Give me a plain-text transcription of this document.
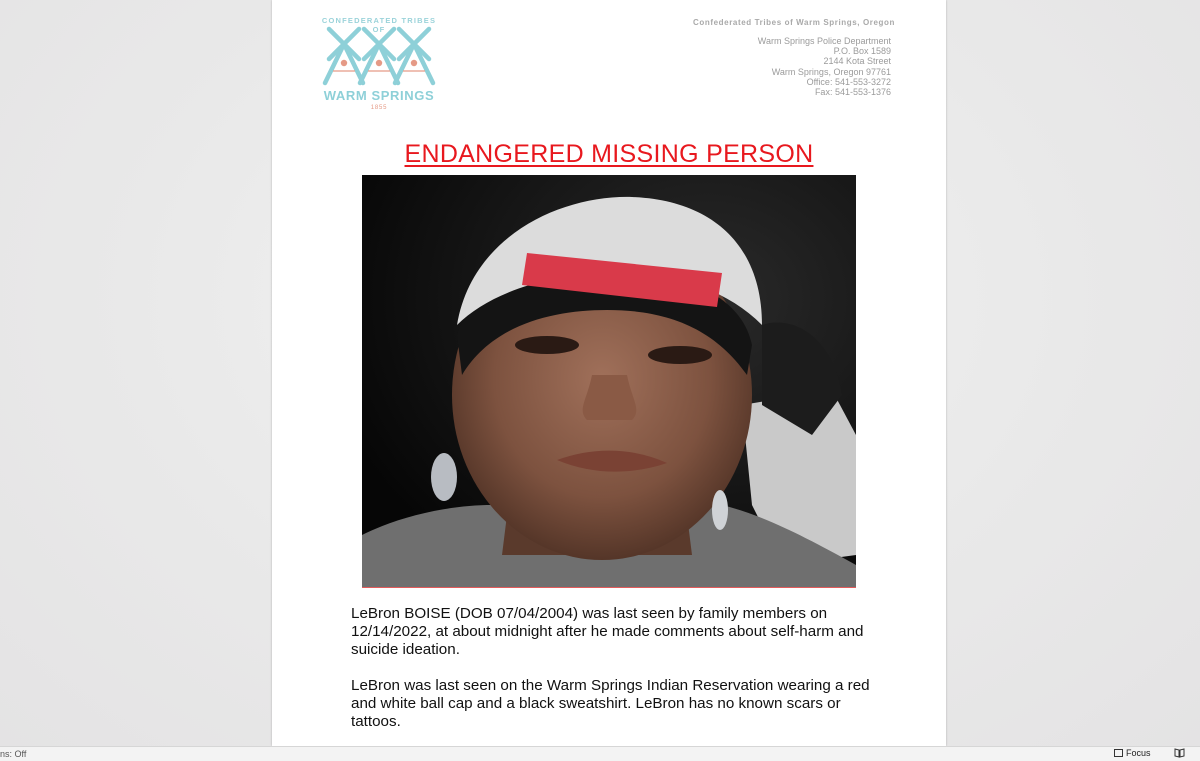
CONFEDERATED TRIBES OF
WARM SPRINGS
1855
Confederated Tribes of Warm Springs, Oregon
Warm Springs Police Department
P.O. Box 1589
2144 Kota Street
Warm Springs, Oregon 97761
Office: 541-553-3272
Fax: 541-553-1376
ENDANGERED MISSING PERSON

LeBron BOISE (DOB 07/04/2004) was last seen by family members on 12/14/2022, at about midnight after he made comments about self-harm and suicide ideation.

LeBron was last seen on the Warm Springs Indian Reservation wearing a red and white ball cap and a black sweatshirt. LeBron has no known scars or tattoos.

ns: Off	Focus
